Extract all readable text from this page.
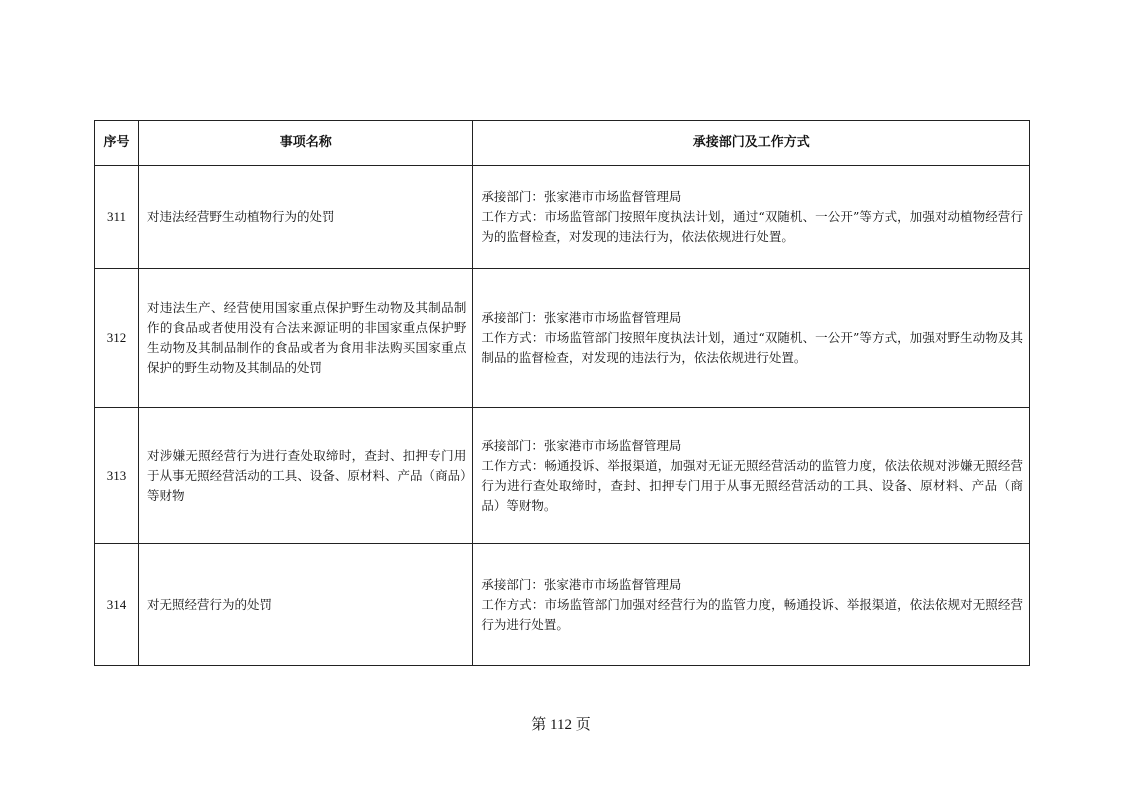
序号	事项名称	承接部门及工作方式
311	对违法经营野生动植物行为的处罚	承接部门：张家港市市场监督管理局
工作方式：市场监管部门按照年度执法计划，通过“双随机、一公开”等方式，加强对动植物经营行为的监督检查，对发现的违法行为，依法依规进行处置。

312	对违法生产、经营使用国家重点保护野生动物及其制品制作的食品或者使用没有合法来源证明的非国家重点保护野生动物及其制品制作的食品或者为食用非法购买国家重点保护的野生动物及其制品的处罚	承接部门：张家港市市场监督管理局
工作方式：市场监管部门按照年度执法计划，通过“双随机、一公开”等方式，加强对野生动物及其制品的监督检查，对发现的违法行为，依法依规进行处置。

313	对涉嫌无照经营行为进行查处取缔时，查封、扣押专门用于从事无照经营活动的工具、设备、原材料、产品（商品）等财物	承接部门：张家港市市场监督管理局
工作方式：畅通投诉、举报渠道，加强对无证无照经营活动的监管力度，依法依规对涉嫌无照经营行为进行查处取缔时，查封、扣押专门用于从事无照经营活动的工具、设备、原材料、产品（商品）等财物。

314	对无照经营行为的处罚	承接部门：张家港市市场监督管理局
工作方式：市场监管部门加强对经营行为的监管力度，畅通投诉、举报渠道，依法依规对无照经营行为进行处置。
第 112 页
